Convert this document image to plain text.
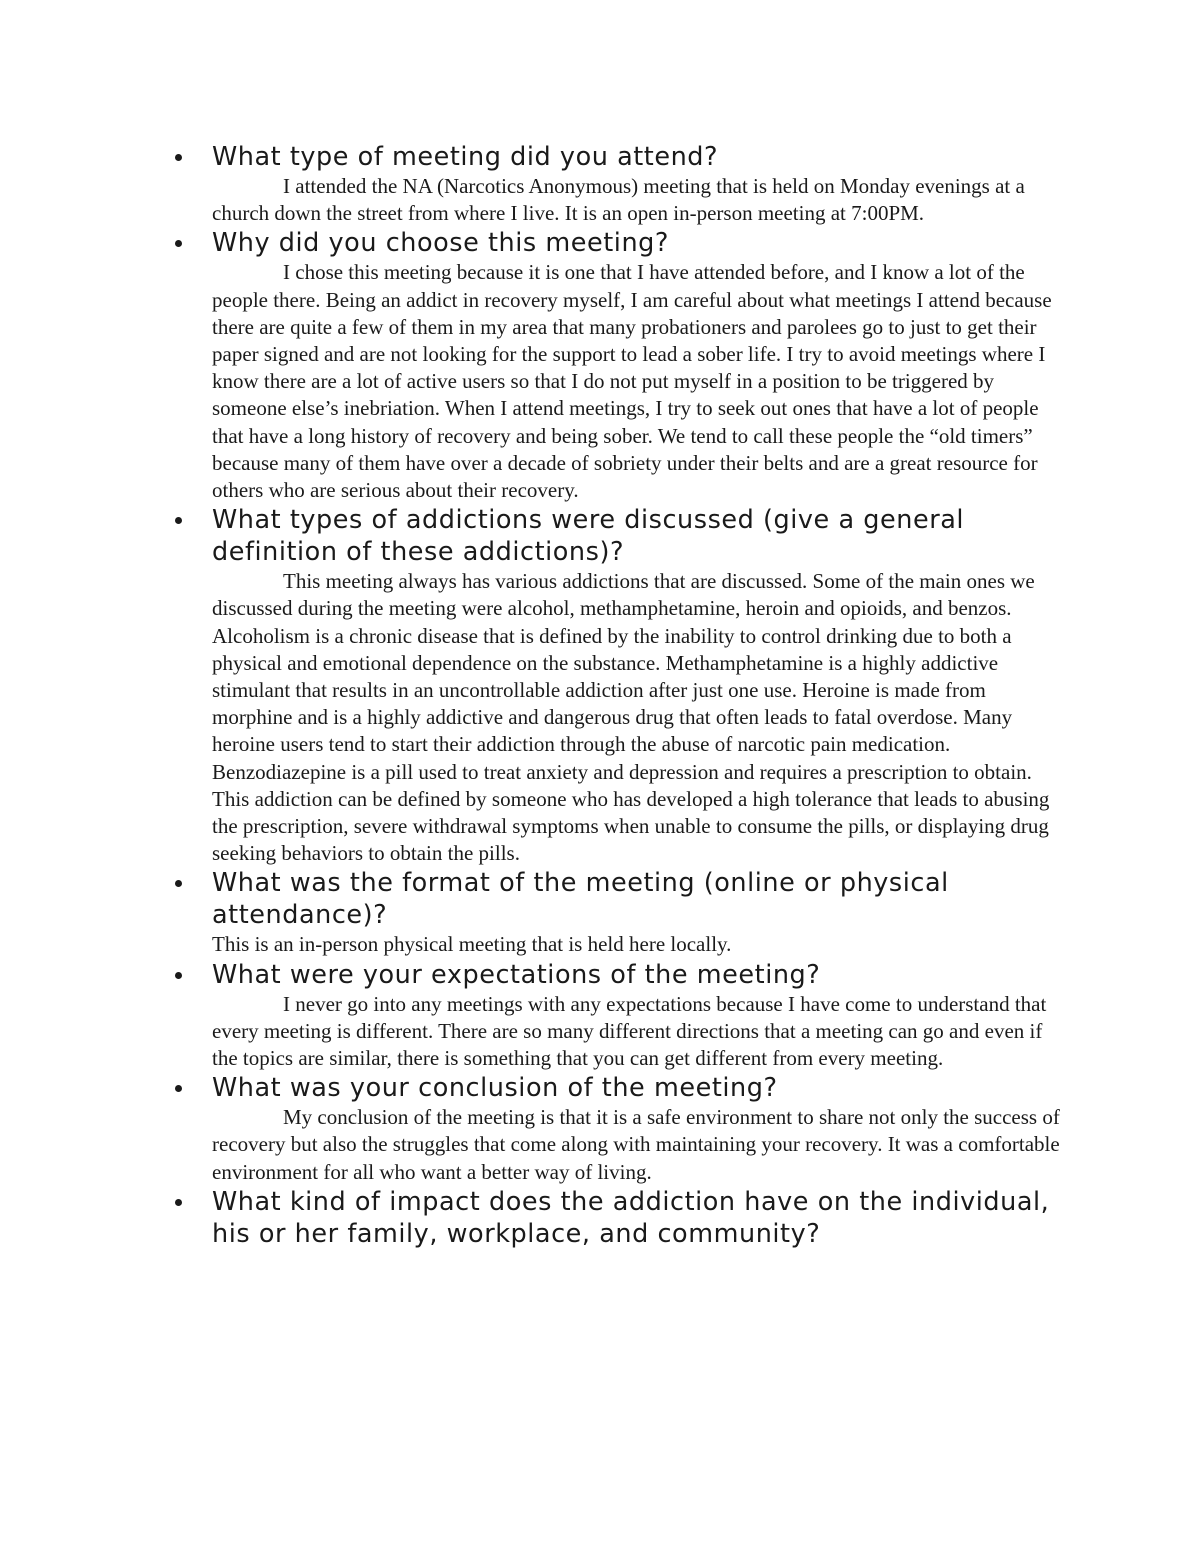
What type of meeting did you attend?

I attended the NA (Narcotics Anonymous) meeting that is held on Monday evenings at a church down the street from where I live. It is an open in-person meeting at 7:00PM.

Why did you choose this meeting?

I chose this meeting because it is one that I have attended before, and I know a lot of the people there. Being an addict in recovery myself, I am careful about what meetings I attend because there are quite a few of them in my area that many probationers and parolees go to just to get their paper signed and are not looking for the support to lead a sober life. I try to avoid meetings where I know there are a lot of active users so that I do not put myself in a position to be triggered by someone else’s inebriation. When I attend meetings, I try to seek out ones that have a lot of people that have a long history of recovery and being sober. We tend to call these people the “old timers” because many of them have over a decade of sobriety under their belts and are a great resource for others who are serious about their recovery.

What types of addictions were discussed (give a general definition of these addictions)?

This meeting always has various addictions that are discussed. Some of the main ones we discussed during the meeting were alcohol, methamphetamine, heroin and opioids, and benzos. Alcoholism is a chronic disease that is defined by the inability to control drinking due to both a physical and emotional dependence on the substance. Methamphetamine is a highly addictive stimulant that results in an uncontrollable addiction after just one use. Heroine is made from morphine and is a highly addictive and dangerous drug that often leads to fatal overdose. Many heroine users tend to start their addiction through the abuse of narcotic pain medication. Benzodiazepine is a pill used to treat anxiety and depression and requires a prescription to obtain. This addiction can be defined by someone who has developed a high tolerance that leads to abusing the prescription, severe withdrawal symptoms when unable to consume the pills, or displaying drug seeking behaviors to obtain the pills.

What was the format of the meeting (online or physical attendance)?

This is an in-person physical meeting that is held here locally.

What were your expectations of the meeting?

I never go into any meetings with any expectations because I have come to understand that every meeting is different. There are so many different directions that a meeting can go and even if the topics are similar, there is something that you can get different from every meeting.

What was your conclusion of the meeting?

My conclusion of the meeting is that it is a safe environment to share not only the success of recovery but also the struggles that come along with maintaining your recovery. It was a comfortable environment for all who want a better way of living.

What kind of impact does the addiction have on the individual, his or her family, workplace, and community?
